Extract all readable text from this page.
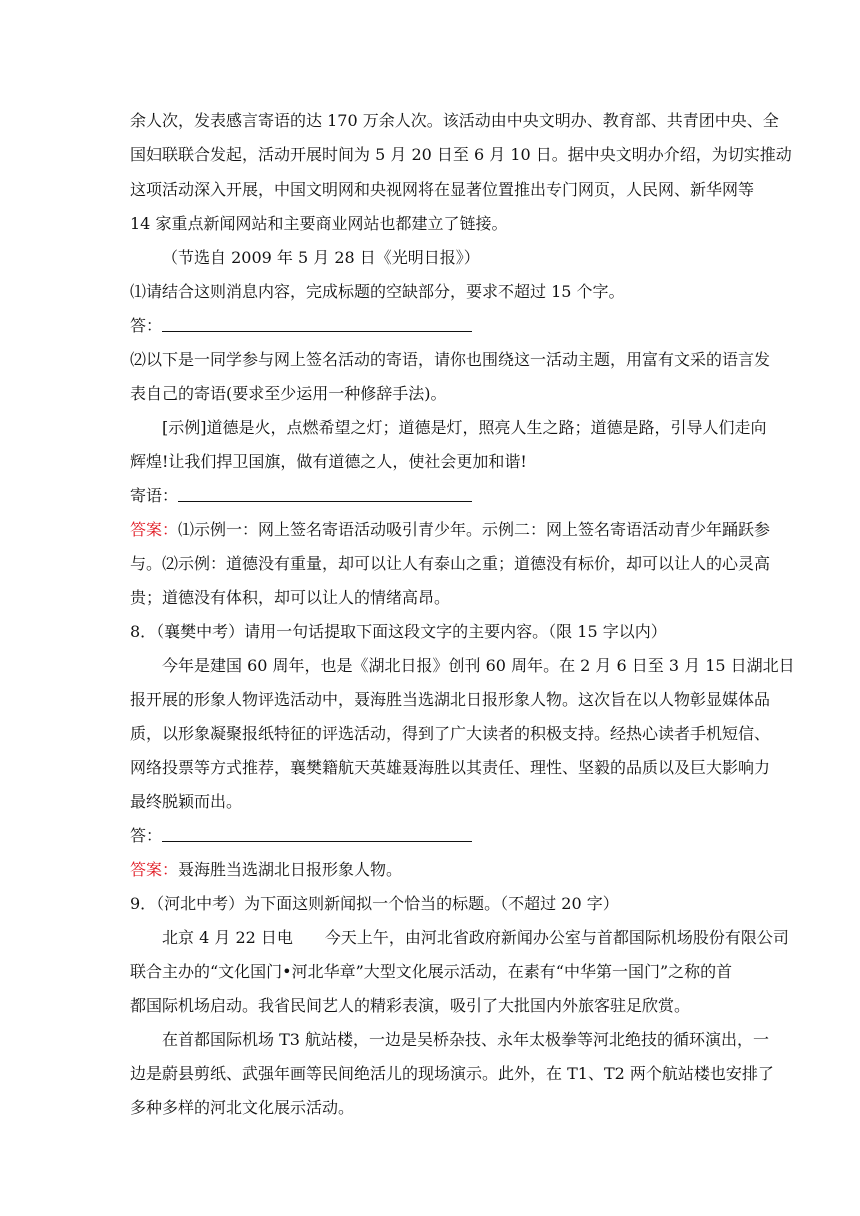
余人次，发表感言寄语的达 170 万余人次。该活动由中央文明办、教育部、共青团中央、全
国妇联联合发起，活动开展时间为 5 月 20 日至 6 月 10 日。据中央文明办介绍，为切实推动
这项活动深入开展，中国文明网和央视网将在显著位置推出专门网页，人民网、新华网等
14 家重点新闻网站和主要商业网站也都建立了链接。
（节选自 2009 年 5 月 28 日《光明日报》）
⑴请结合这则消息内容，完成标题的空缺部分，要求不超过 15 个字。
答：
⑵以下是一同学参与网上签名活动的寄语，请你也围绕这一活动主题，用富有文采的语言发
表自己的寄语(要求至少运用一种修辞手法)。
[示例]道德是火，点燃希望之灯；道德是灯，照亮人生之路；道德是路，引导人们走向
辉煌!让我们捍卫国旗，做有道德之人，使社会更加和谐!
寄语：
答案：⑴示例一：网上签名寄语活动吸引青少年。示例二：网上签名寄语活动青少年踊跃参
与。⑵示例：道德没有重量，却可以让人有泰山之重；道德没有标价，却可以让人的心灵高
贵；道德没有体积，却可以让人的情绪高昂。
8．（襄樊中考）请用一句话提取下面这段文字的主要内容。（限 15 字以内）
今年是建国 60 周年，也是《湖北日报》创刊 60 周年。在 2 月 6 日至 3 月 15 日湖北日
报开展的形象人物评选活动中，聂海胜当选湖北日报形象人物。这次旨在以人物彰显媒体品
质，以形象凝聚报纸特征的评选活动，得到了广大读者的积极支持。经热心读者手机短信、
网络投票等方式推荐，襄樊籍航天英雄聂海胜以其责任、理性、坚毅的品质以及巨大影响力
最终脱颖而出。
答：
答案：聂海胜当选湖北日报形象人物。
9．（河北中考）为下面这则新闻拟一个恰当的标题。（不超过 20 字）
北京 4 月 22 日电　　今天上午，由河北省政府新闻办公室与首都国际机场股份有限公司
联合主办的“文化国门•河北华章”大型文化展示活动，在素有“中华第一国门”之称的首
都国际机场启动。我省民间艺人的精彩表演，吸引了大批国内外旅客驻足欣赏。
在首都国际机场 T3 航站楼，一边是吴桥杂技、永年太极拳等河北绝技的循环演出，一
边是蔚县剪纸、武强年画等民间绝活儿的现场演示。此外，在 T1、T2 两个航站楼也安排了
多种多样的河北文化展示活动。
